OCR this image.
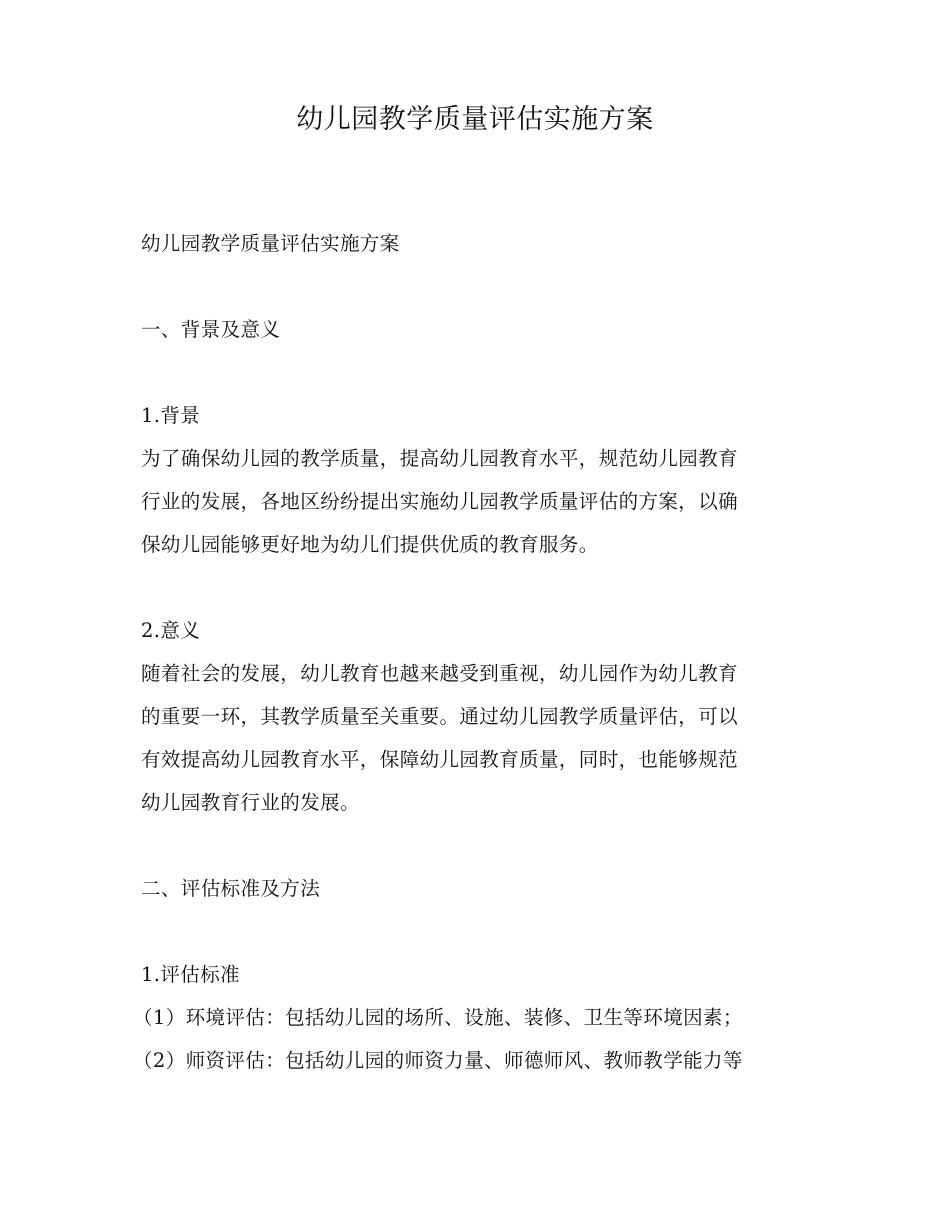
幼儿园教学质量评估实施方案
幼儿园教学质量评估实施方案
一、背景及意义
1.背景
为了确保幼儿园的教学质量，提高幼儿园教育水平，规范幼儿园教育
行业的发展，各地区纷纷提出实施幼儿园教学质量评估的方案，以确
保幼儿园能够更好地为幼儿们提供优质的教育服务。
2.意义
随着社会的发展，幼儿教育也越来越受到重视，幼儿园作为幼儿教育
的重要一环，其教学质量至关重要。通过幼儿园教学质量评估，可以
有效提高幼儿园教育水平，保障幼儿园教育质量，同时，也能够规范
幼儿园教育行业的发展。
二、评估标准及方法
1.评估标准
（1）环境评估：包括幼儿园的场所、设施、装修、卫生等环境因素；
（2）师资评估：包括幼儿园的师资力量、师德师风、教师教学能力等
